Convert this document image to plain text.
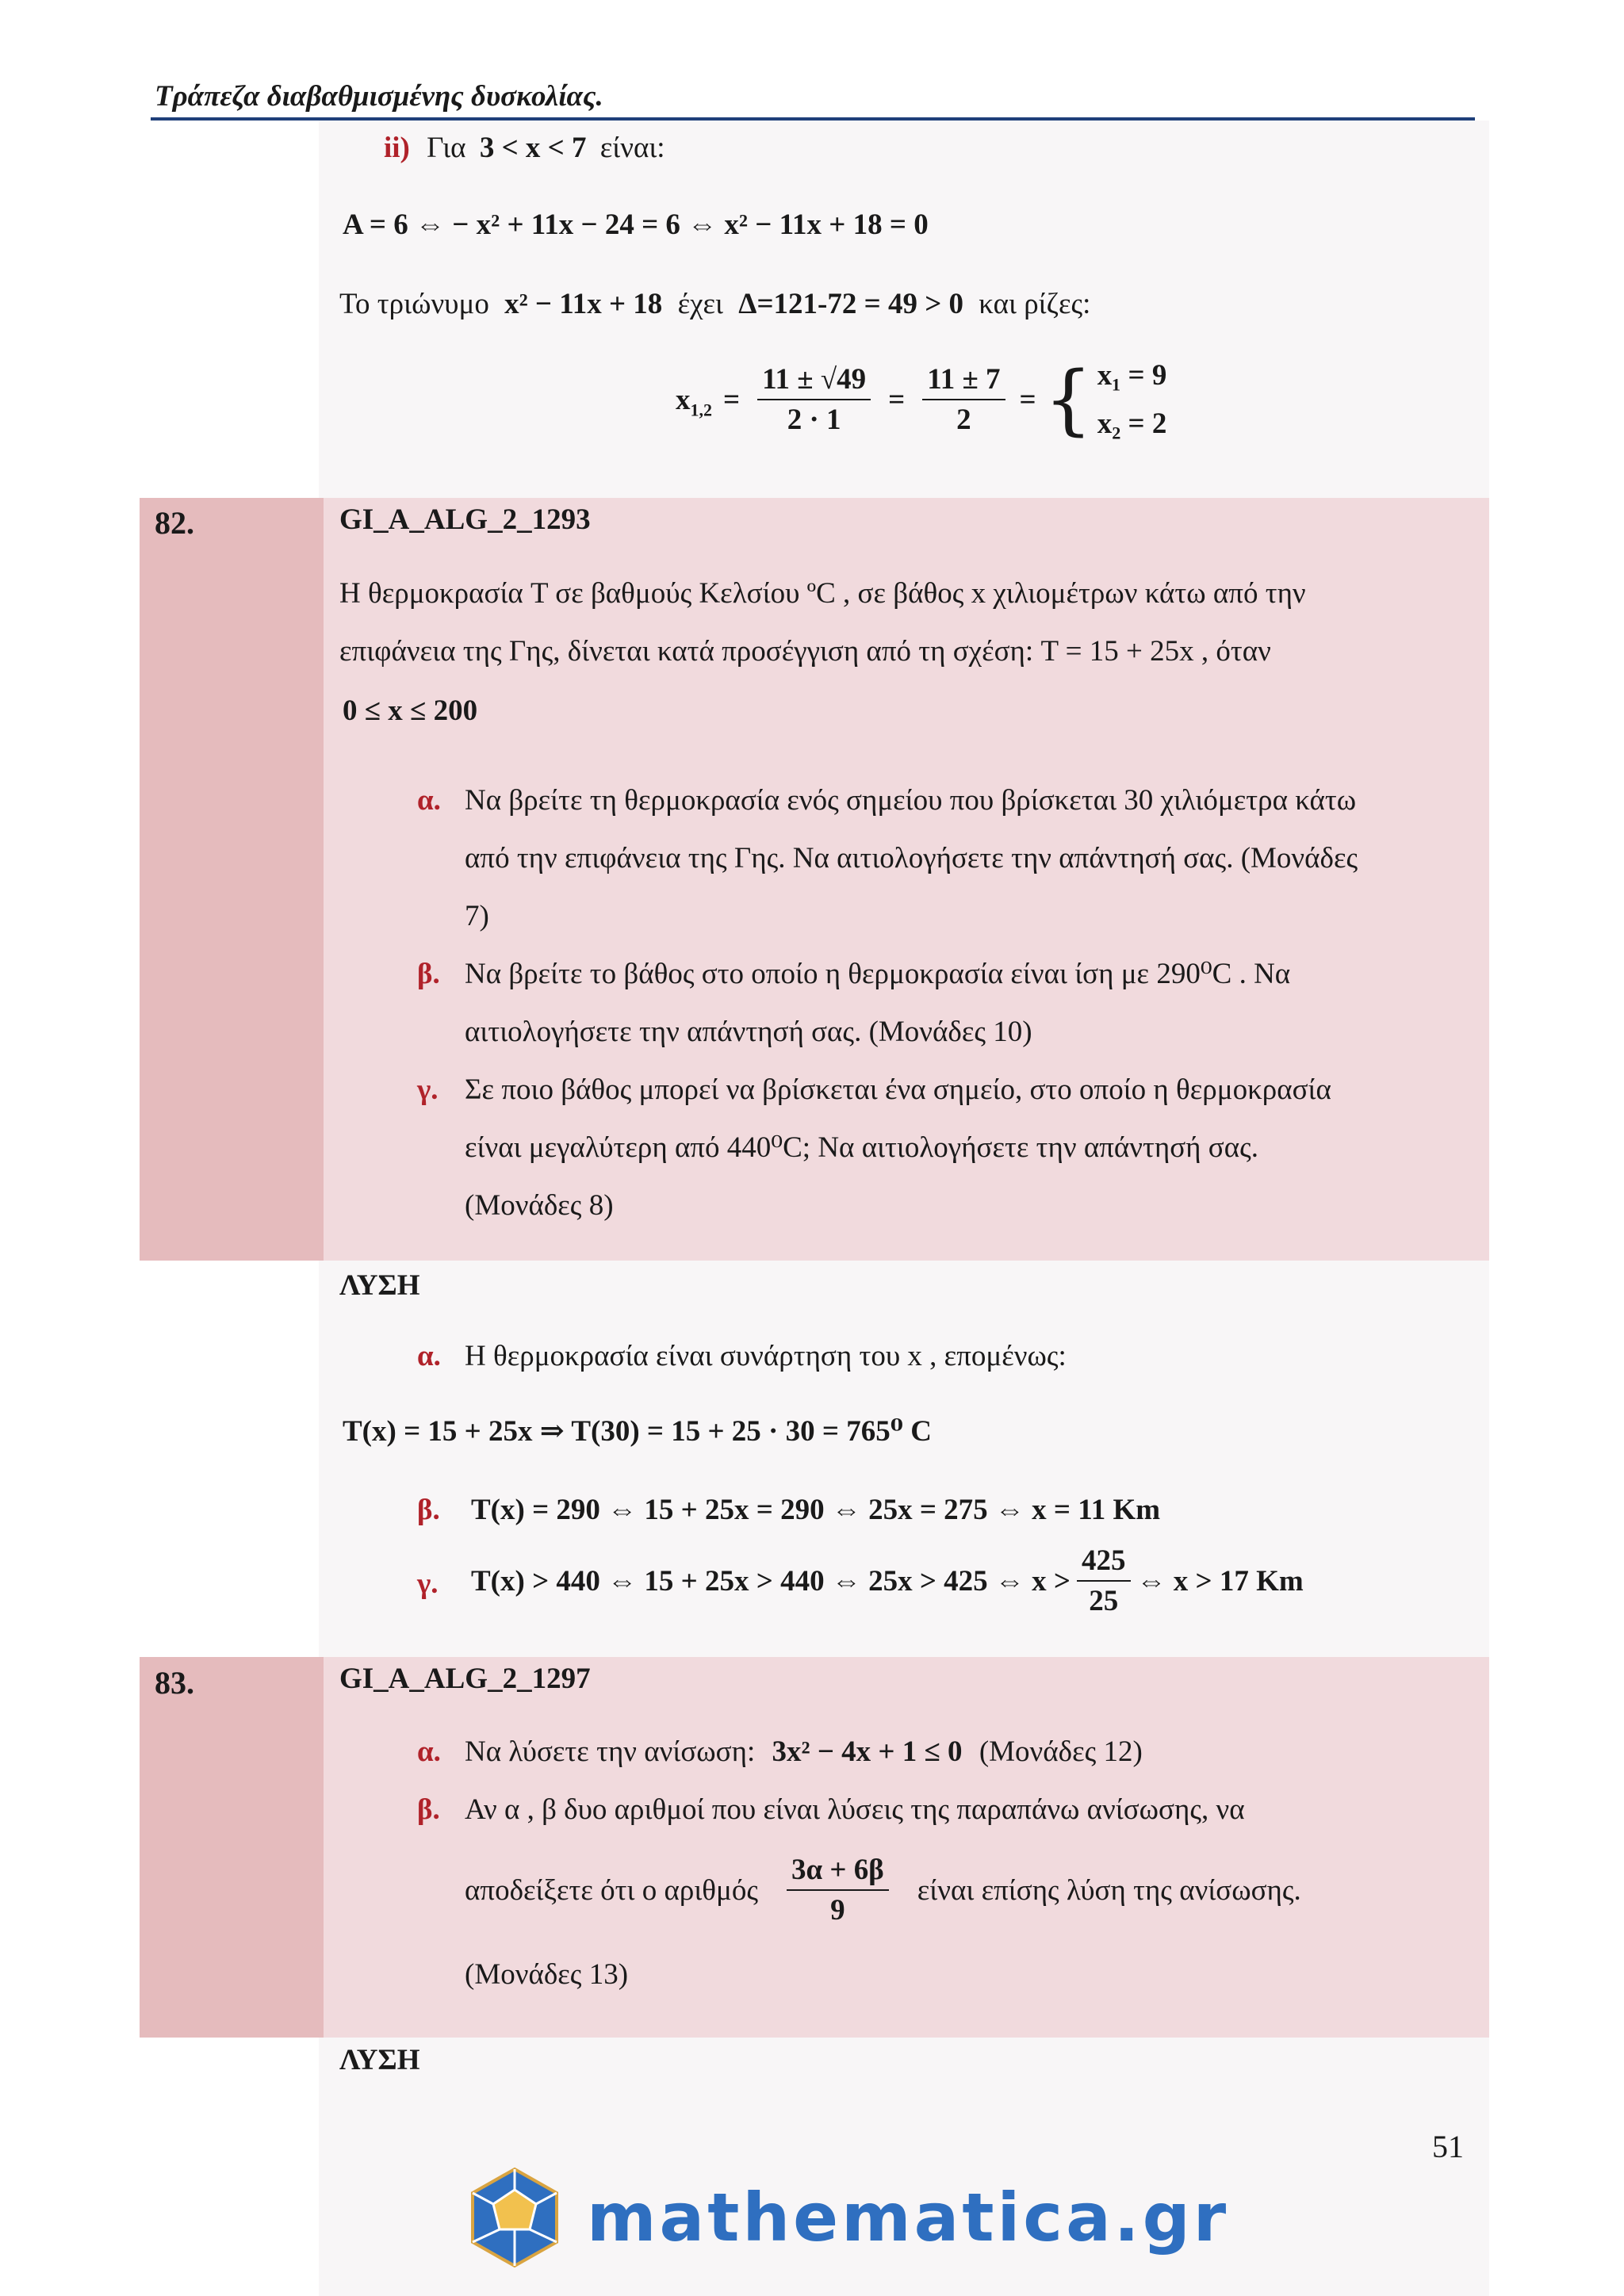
Τράπεζα διαβαθμισμένης δυσκολίας.
ii) Για 3 < x < 7 είναι:
A = 6 ⇔ − x² + 11x − 24 = 6 ⇔ x² − 11x + 18 = 0
Το τριώνυμο x² − 11x + 18 έχει Δ=121-72 = 49 > 0 και ρίζες:
$x_{1,2} = \frac{11 \pm √49}{2 \cdot 1} = \frac{11 \pm 7}{2}$ = { x₁ = 9
x₂ = 2
82.	GI_A_ALG_2_1293
Η θερμοκρασία T σε βαθμούς Κελσίου ºC , σε βάθος x χιλιομέτρων κάτω από την
επιφάνεια της Γης, δίνεται κατά προσέγγιση από τη σχέση: T = 15 + 25x , όταν
0 ≤ x ≤ 200
α. Να βρείτε τη θερμοκρασία ενός σημείου που βρίσκεται 30 χιλιόμετρα κάτω
από την επιφάνεια της Γης. Να αιτιολογήσετε την απάντησή σας. (Μονάδες
7)
β. Να βρείτε το βάθος στο οποίο η θερμοκρασία είναι ίση με 290⁰C . Να
αιτιολογήσετε την απάντησή σας. (Μονάδες 10)
γ. Σε ποιο βάθος μπορεί να βρίσκεται ένα σημείο, στο οποίο η θερμοκρασία
είναι μεγαλύτερη από 440⁰C; Να αιτιολογήσετε την απάντησή σας.
(Μονάδες 8)
ΛΥΣΗ
α. Η θερμοκρασία είναι συνάρτηση του x , επομένως:
T(x) = 15 + 25x ⇒ T(30) = 15 + 25 · 30 = 765⁰ C
β. T(x) = 290 ⇔ 15 + 25x = 290 ⇔ 25x = 275 ⇔ x = 11 Km
γ. T(x) > 440 ⇔ 15 + 25x > 440 ⇔ 25x > 425 ⇔ $x > \frac{425}{25}$ ⇔ x > 17 Km
83.	GI_A_ALG_2_1297
α. Να λύσετε την ανίσωση: 3x² − 4x + 1 ≤ 0 (Μονάδες 12)
β. Αν α , β δυο αριθμοί που είναι λύσεις της παραπάνω ανίσωσης, να
αποδείξετε ότι ο αριθμός $\frac{3\alpha + 6\beta}{9}$ είναι επίσης λύση της ανίσωσης.
(Μονάδες 13)
ΛΥΣΗ
51
mathematica.gr
